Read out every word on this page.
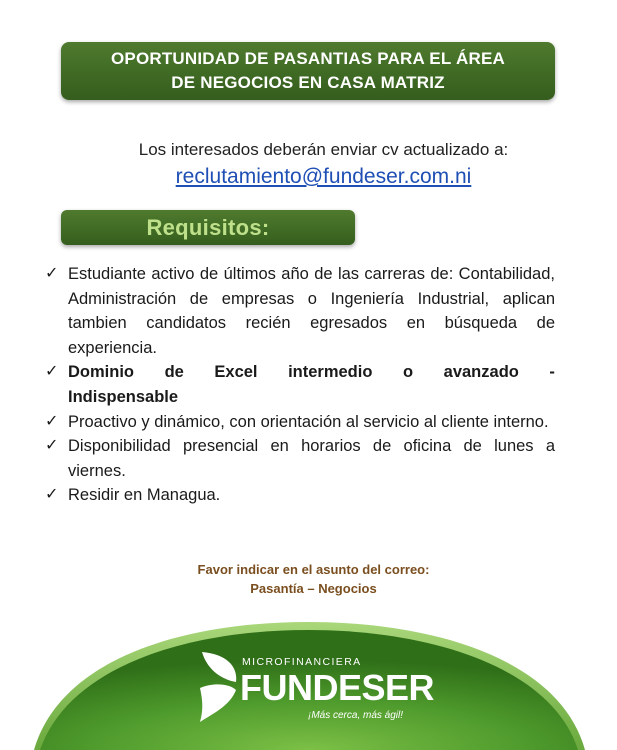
OPORTUNIDAD DE PASANTIAS PARA EL ÁREA
DE NEGOCIOS EN CASA MATRIZ
Los interesados deberán enviar cv actualizado a:
reclutamiento@fundeser.com.ni
Requisitos:
✓ Estudiante activo de últimos año de las carreras de: Contabilidad, Administración de empresas o Ingeniería Industrial, aplican tambien candidatos recién egresados en búsqueda de experiencia.
✓ Dominio de Excel intermedio o avanzado -
Indispensable
✓ Proactivo y dinámico, con orientación al servicio al cliente interno.
✓ Disponibilidad presencial en horarios de oficina de lunes a viernes.
✓ Residir en Managua.
Favor indicar en el asunto del correo:
Pasantía – Negocios
MICROFINANCIERA
FUNDESER
¡Más cerca, más ágil!
